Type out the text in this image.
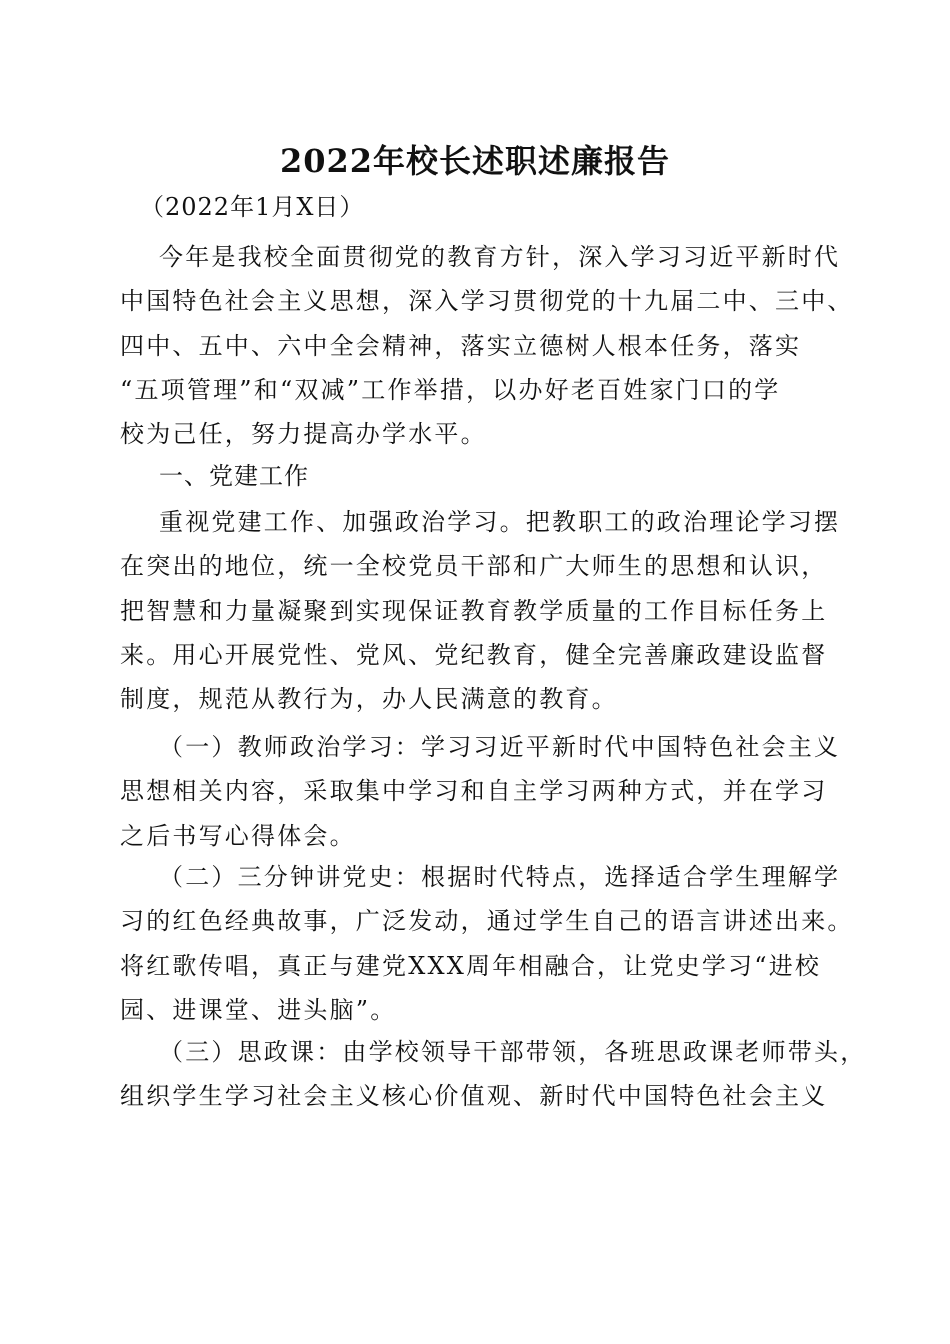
2022年校长述职述廉报告
（2022年1月X日）
今年是我校全面贯彻党的教育方针，深入学习习近平新时代
中国特色社会主义思想，深入学习贯彻党的十九届二中、三中、
四中、五中、六中全会精神，落实立德树人根本任务，落实
“五项管理”和“双减”工作举措，以办好老百姓家门口的学
校为己任，努力提高办学水平。
一、党建工作
重视党建工作、加强政治学习。把教职工的政治理论学习摆
在突出的地位，统一全校党员干部和广大师生的思想和认识，
把智慧和力量凝聚到实现保证教育教学质量的工作目标任务上
来。用心开展党性、党风、党纪教育，健全完善廉政建设监督
制度，规范从教行为，办人民满意的教育。
（一）教师政治学习：学习习近平新时代中国特色社会主义
思想相关内容，采取集中学习和自主学习两种方式，并在学习
之后书写心得体会。
（二）三分钟讲党史：根据时代特点，选择适合学生理解学
习的红色经典故事，广泛发动，通过学生自己的语言讲述出来。
将红歌传唱，真正与建党XXX周年相融合，让党史学习“进校
园、进课堂、进头脑”。
（三）思政课：由学校领导干部带领，各班思政课老师带头，
组织学生学习社会主义核心价值观、新时代中国特色社会主义
